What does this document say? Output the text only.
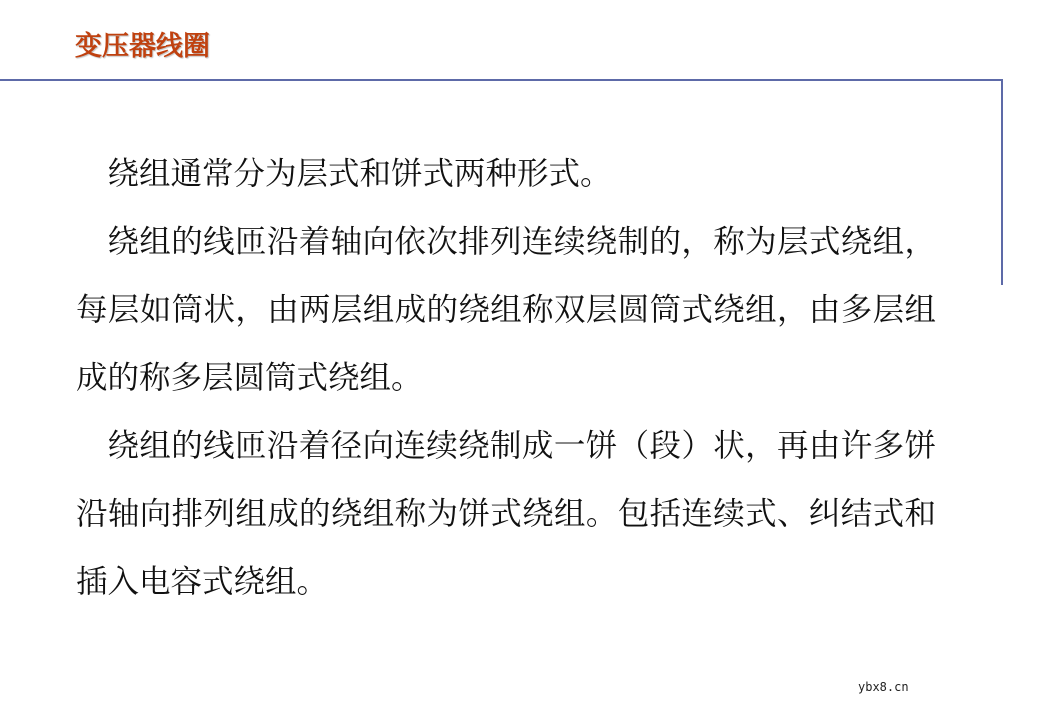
变压器线圈

绕组通常分为层式和饼式两种形式。

绕组的线匝沿着轴向依次排列连续绕制的，称为层式绕组，每层如筒状，由两层组成的绕组称双层圆筒式绕组，由多层组成的称多层圆筒式绕组。

绕组的线匝沿着径向连续绕制成一饼（段）状，再由许多饼沿轴向排列组成的绕组称为饼式绕组。包括连续式、纠结式和插入电容式绕组。

ybx8.cn
